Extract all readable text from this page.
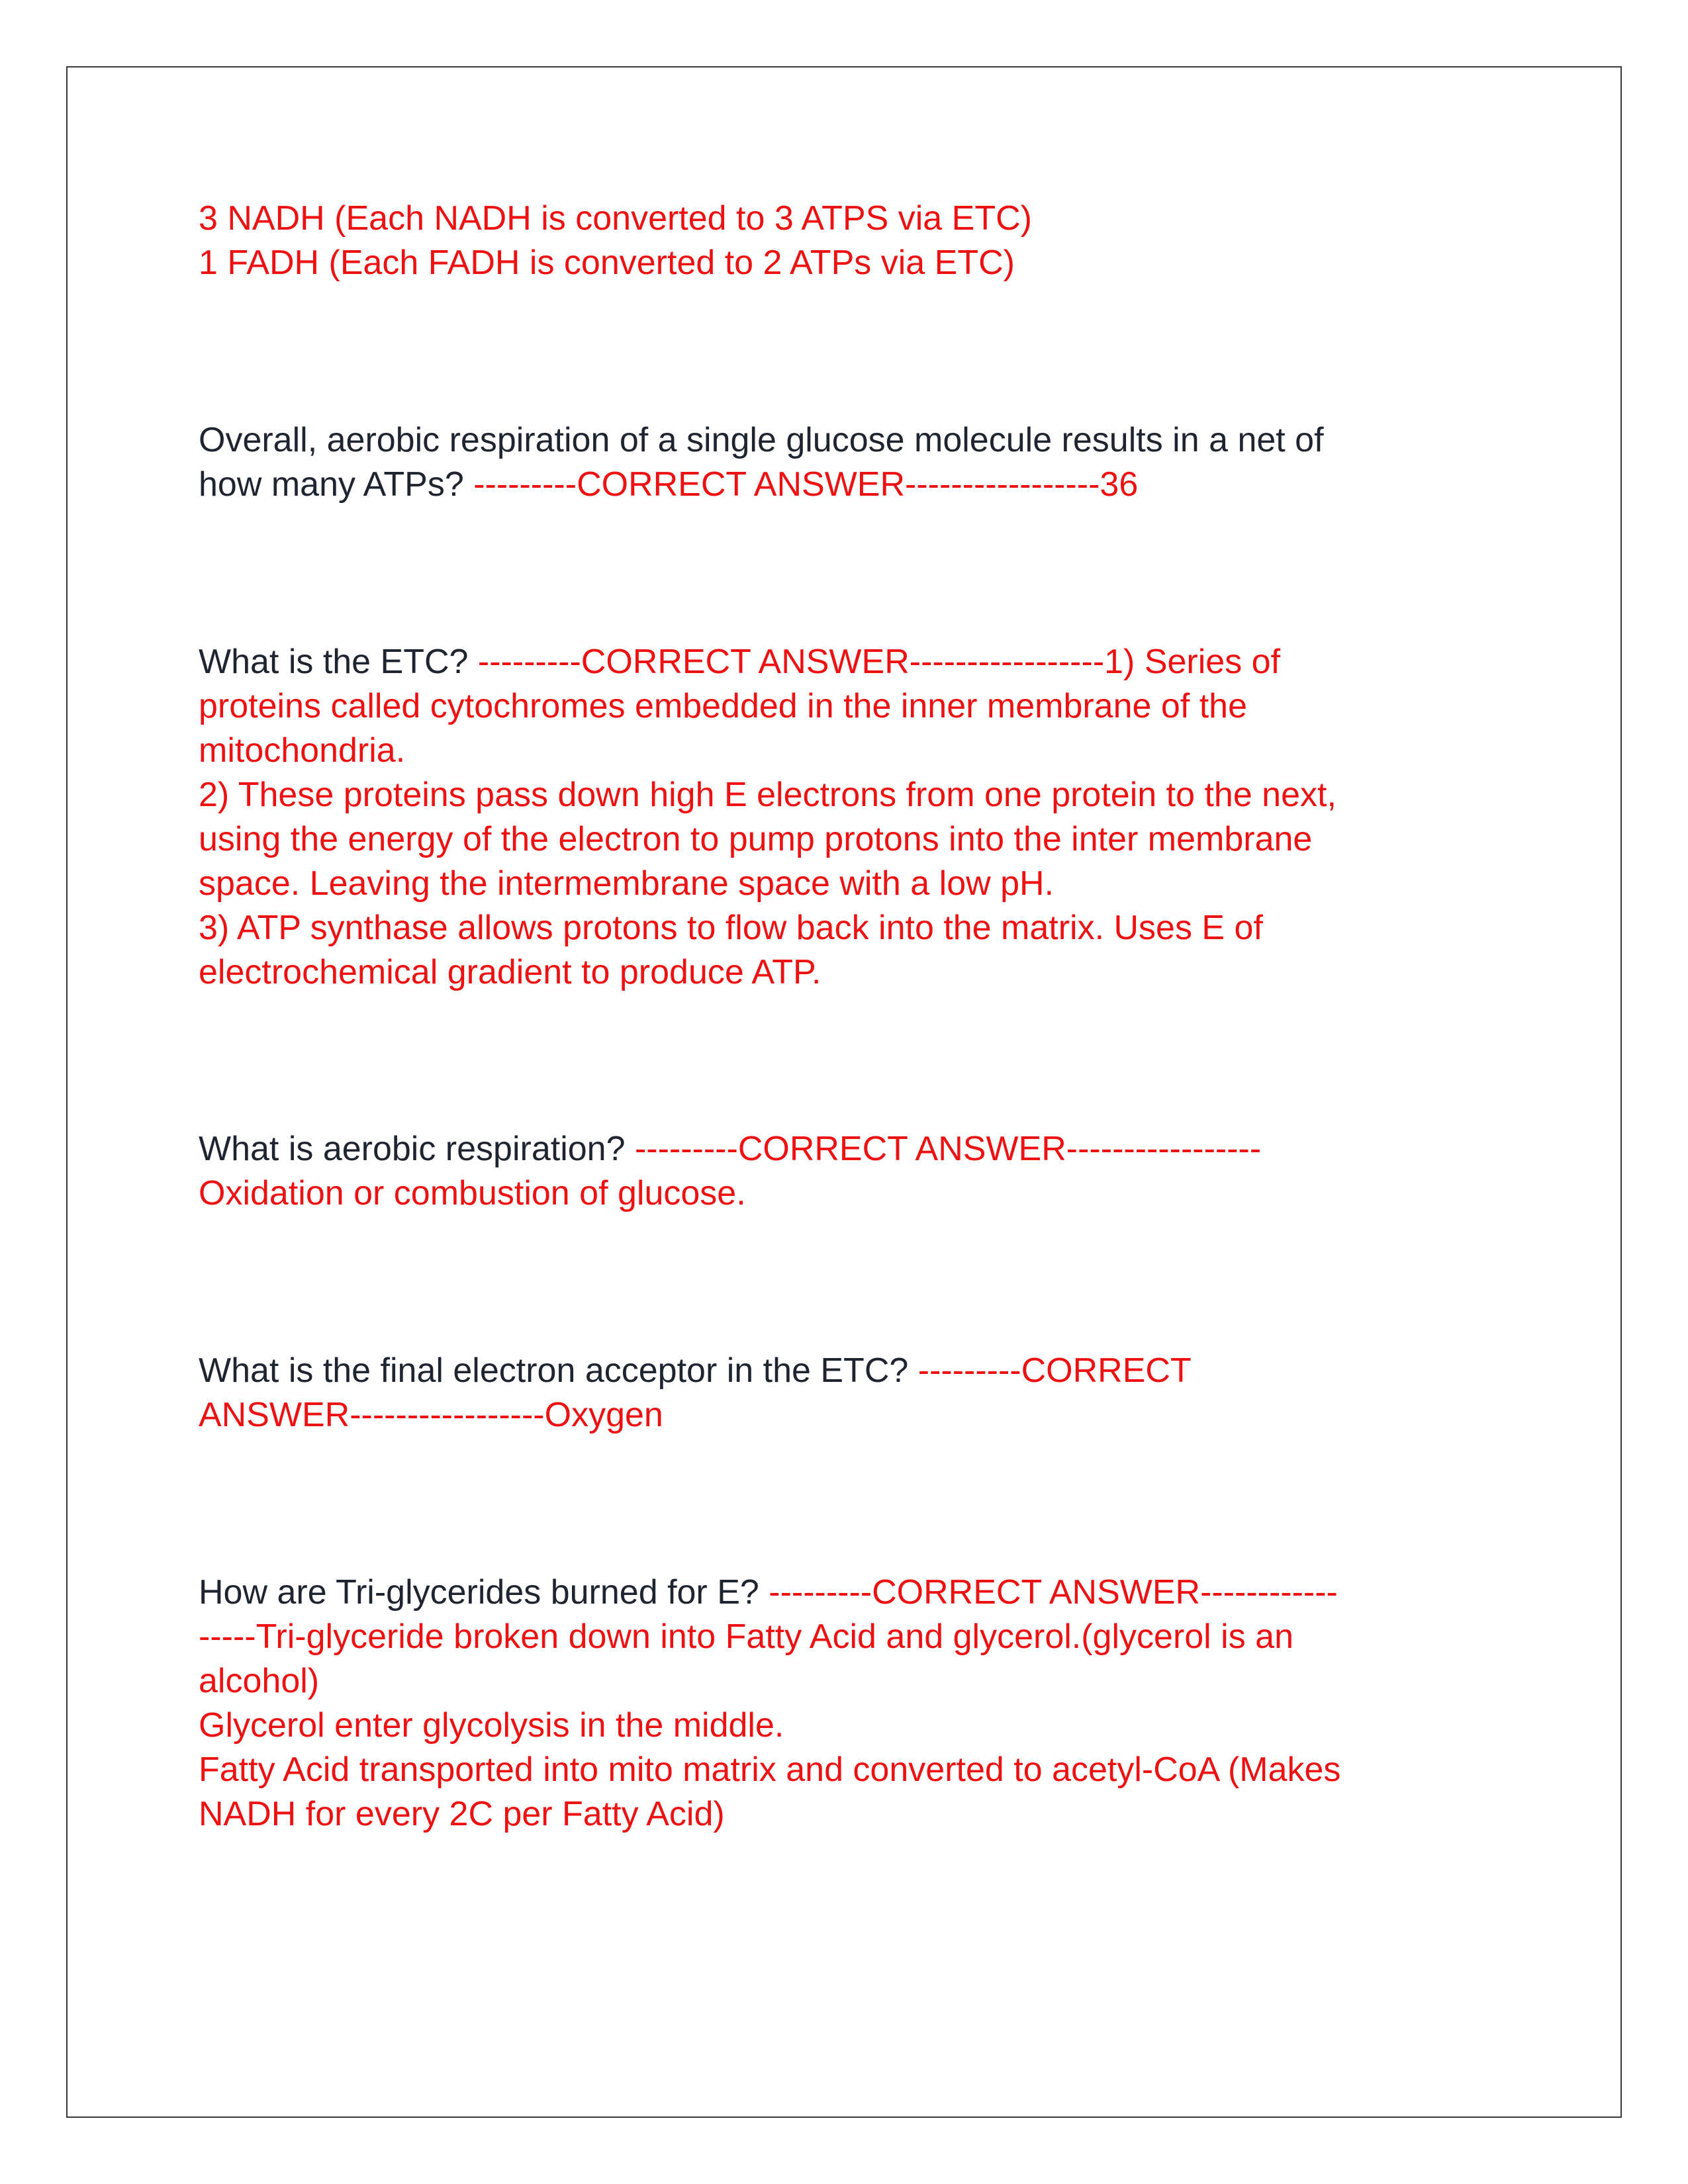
3 NADH (Each NADH is converted to 3 ATPS via ETC)
1 FADH (Each FADH is converted to 2 ATPs via ETC)
Overall, aerobic respiration of a single glucose molecule results in a net of
how many ATPs? ---------CORRECT ANSWER-----------------36
What is the ETC? ---------CORRECT ANSWER-----------------1) Series of
proteins called cytochromes embedded in the inner membrane of the
mitochondria.
2) These proteins pass down high E electrons from one protein to the next,
using the energy of the electron to pump protons into the inter membrane
space. Leaving the intermembrane space with a low pH.
3) ATP synthase allows protons to flow back into the matrix. Uses E of
electrochemical gradient to produce ATP.
What is aerobic respiration? ---------CORRECT ANSWER-----------------
Oxidation or combustion of glucose.
What is the final electron acceptor in the ETC? ---------CORRECT
ANSWER-----------------Oxygen
How are Tri-glycerides burned for E? ---------CORRECT ANSWER------------
-----Tri-glyceride broken down into Fatty Acid and glycerol.(glycerol is an
alcohol)
Glycerol enter glycolysis in the middle.
Fatty Acid transported into mito matrix and converted to acetyl-CoA (Makes
NADH for every 2C per Fatty Acid)
